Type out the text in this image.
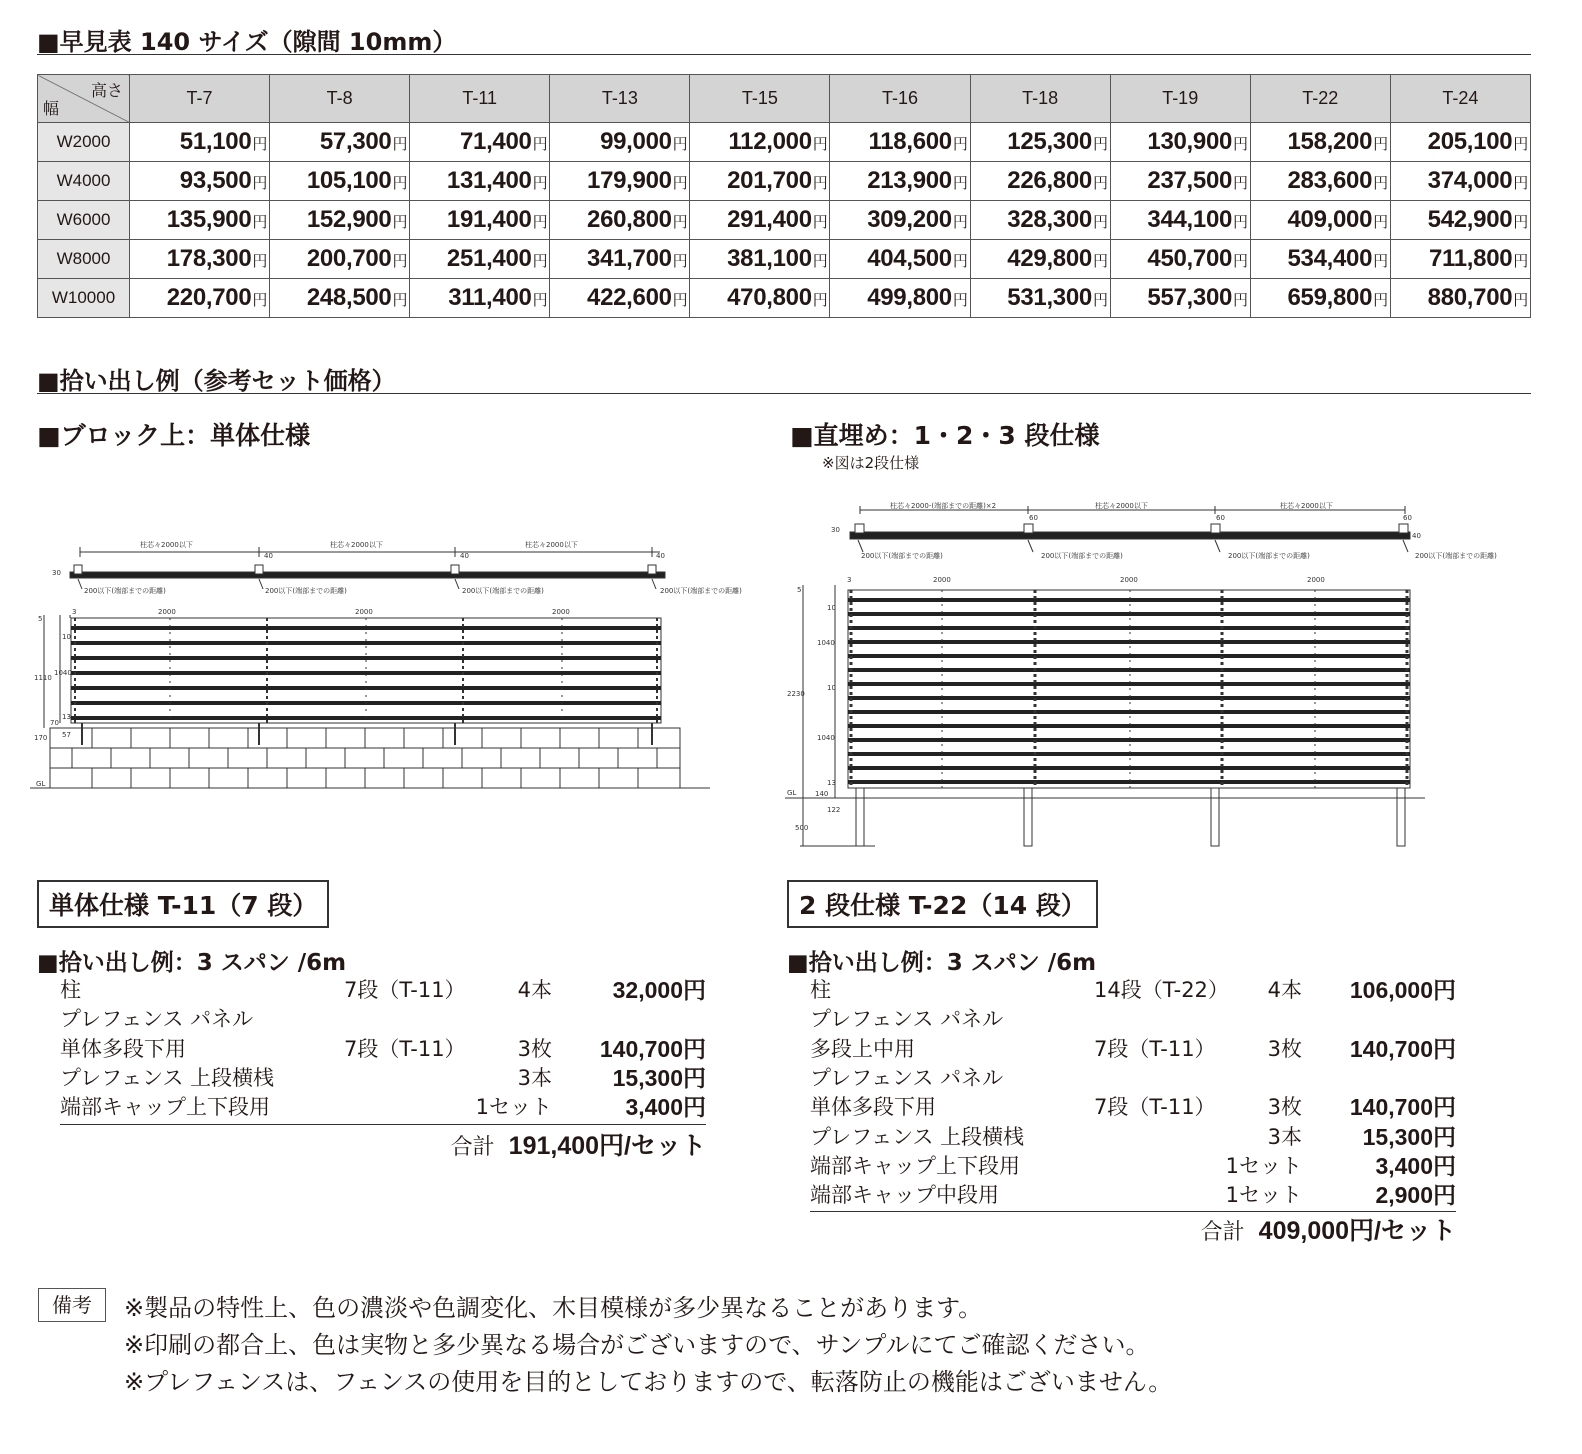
■早見表 140 サイズ（隙間 10mm）
高さ
幅	T-7	T-8	T-11	T-13	T-15	T-16	T-18	T-19	T-22	T-24
W2000	51,100円	57,300円	71,400円	99,000円	112,000円	118,600円	125,300円	130,900円	158,200円	205,100円
W4000	93,500円	105,100円	131,400円	179,900円	201,700円	213,900円	226,800円	237,500円	283,600円	374,000円
W6000	135,900円	152,900円	191,400円	260,800円	291,400円	309,200円	328,300円	344,100円	409,000円	542,900円
W8000	178,300円	200,700円	251,400円	341,700円	381,100円	404,500円	429,800円	450,700円	534,400円	711,800円
W10000	220,700円	248,500円	311,400円	422,600円	470,800円	499,800円	531,300円	557,300円	659,800円	880,700円
■拾い出し例（参考セット価格）
■ブロック上：単体仕様	■直埋め：1・2・3 段仕様
※図は2段仕様
柱芯々2000以下	柱芯々2000以下	柱芯々2000以下
40	40	40
30
200以下(端部までの距離)	200以下(端部までの距離)	200以下(端部までの距離)	200以下(端部までの距離)
3	2000	2000	2000
5
10
1040
1110
13
70
57
170
GL
柱芯々2000-(端部までの距離)×2	柱芯々2000以下	柱芯々2000以下
60	60	60
30
40
200以下(端部までの距離)	200以下(端部までの距離)	200以下(端部までの距離)	200以下(端部までの距離)
3	2000	2000	2000
5
10
1040
10
2230
1040
13
140
122
500
GL
単体仕様 T-11（7 段）	2 段仕様 T-22（14 段）
■拾い出し例：3 スパン /6m
柱	7段（T-11） 4本	32,000円
プレフェンス パネル
単体多段下用	7段（T-11） 3枚 140,700円
プレフェンス 上段横桟	3本	15,300円
端部キャップ上下段用	1セット	3,400円
合計 191,400円/セット
■拾い出し例：3 スパン /6m
柱	14段（T-22） 4本 106,000円
プレフェンス パネル
多段上中用	7段（T-11） 3枚 140,700円
プレフェンス パネル
単体多段下用	7段（T-11） 3枚 140,700円
プレフェンス 上段横桟	3本	15,300円
端部キャップ上下段用	1セット	3,400円
端部キャップ中段用	1セット	2,900円
合計 409,000円/セット
備考	※製品の特性上、色の濃淡や色調変化、木目模様が多少異なることがあります。
※印刷の都合上、色は実物と多少異なる場合がございますので、サンプルにてご確認ください。
※プレフェンスは、フェンスの使用を目的としておりますので、転落防止の機能はございません。
